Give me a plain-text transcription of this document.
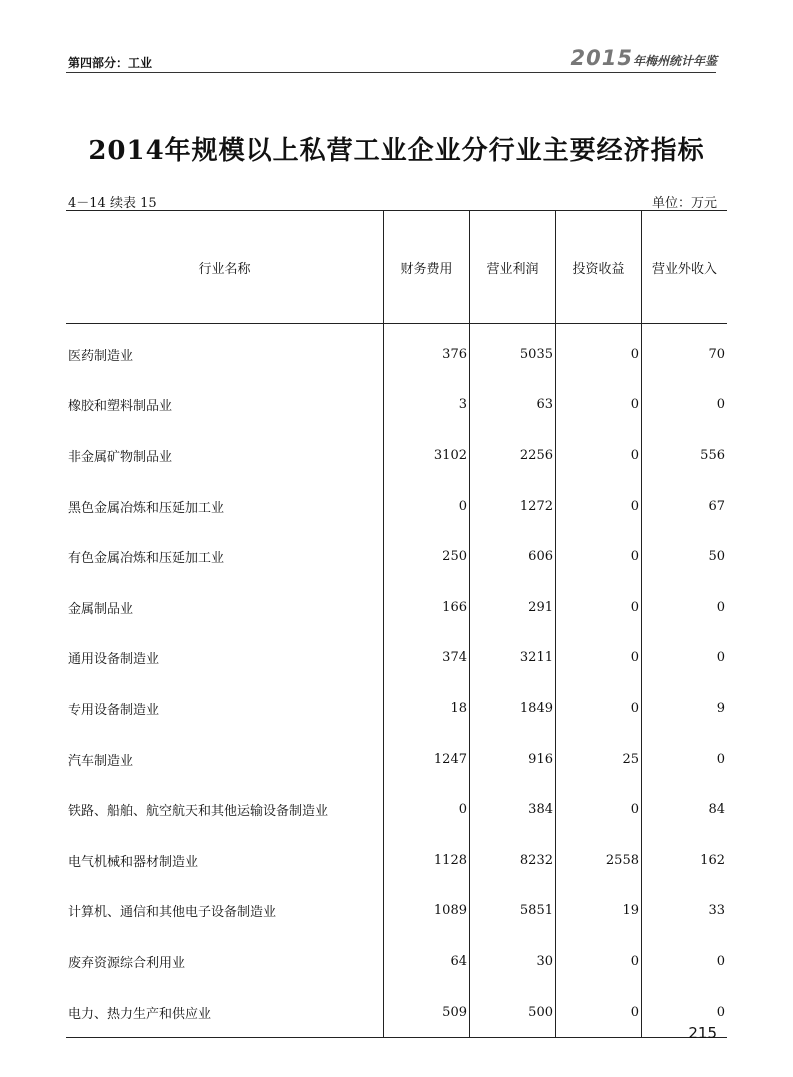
第四部分：工业	2015年梅州统计年鉴
2014年规模以上私营工业企业分行业主要经济指标
4－14 续表 15	单位：万元
行业名称	财务费用	营业利润	投资收益	营业外收入
医药制造业	376	5035	0	70
橡胶和塑料制品业	3	63	0	0
非金属矿物制品业	3102	2256	0	556
黑色金属冶炼和压延加工业	0	1272	0	67
有色金属冶炼和压延加工业	250	606	0	50
金属制品业	166	291	0	0
通用设备制造业	374	3211	0	0
专用设备制造业	18	1849	0	9
汽车制造业	1247	916	25	0
铁路、船舶、航空航天和其他运输设备制造业	0	384	0	84
电气机械和器材制造业	1128	8232	2558	162
计算机、通信和其他电子设备制造业	1089	5851	19	33
废弃资源综合利用业	64	30	0	0
电力、热力生产和供应业	509	500	0	0
215
